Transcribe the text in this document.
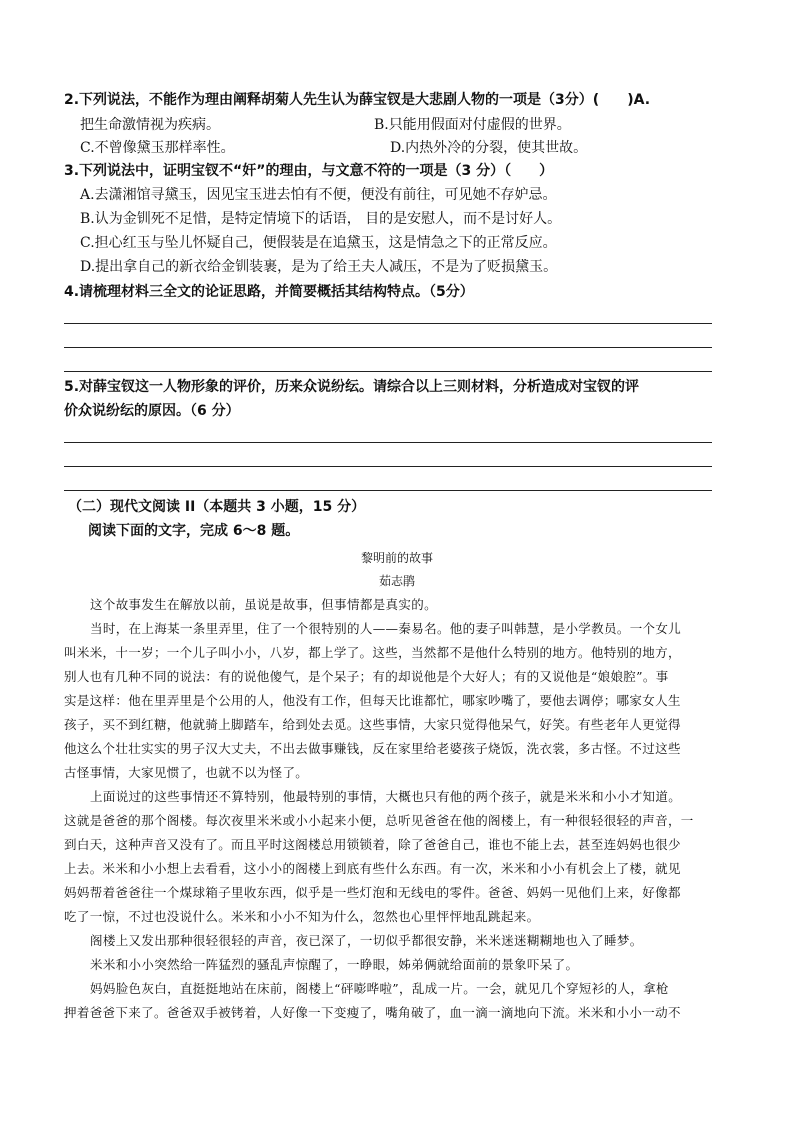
2.下列说法，不能作为理由阐释胡菊人先生认为薛宝钗是大悲剧人物的一项是（3分）(　　)A.
把生命激情视为疾病。	B.只能用假面对付虚假的世界。
C.不曾像黛玉那样率性。	D.内热外冷的分裂，使其世故。
3.下列说法中，证明宝钗不“奸”的理由，与文意不符的一项是（3 分）（　　）
A.去潇湘馆寻黛玉，因见宝玉进去怕有不便，便没有前往，可见她不存妒忌。
B.认为金钏死不足惜，是特定情境下的话语， 目的是安慰人，而不是讨好人。
C.担心红玉与坠儿怀疑自己，便假装是在追黛玉，这是情急之下的正常反应。
D.提出拿自己的新衣给金钏装裹，是为了给王夫人减压，不是为了贬损黛玉。
4.请梳理材料三全文的论证思路，并简要概括其结构特点。（5分）
5.对薛宝钗这一人物形象的评价，历来众说纷纭。请综合以上三则材料，分析造成对宝钗的评
价众说纷纭的原因。（6 分）
（二）现代文阅读 II（本题共 3 小题，15 分）
阅读下面的文字，完成 6～8 题。
黎明前的故事
茹志鹃
这个故事发生在解放以前，虽说是故事，但事情都是真实的。
当时，在上海某一条里弄里，住了一个很特别的人——秦易名。他的妻子叫韩慧，是小学教员。一个女儿
叫米米，十一岁；一个儿子叫小小，八岁，都上学了。这些，当然都不是他什么特别的地方。他特别的地方，
别人也有几种不同的说法：有的说他傻气，是个呆子；有的却说他是个大好人；有的又说他是“娘娘腔”。事
实是这样：他在里弄里是个公用的人，他没有工作，但每天比谁都忙，哪家吵嘴了，要他去调停；哪家女人生
孩子，买不到红糖，他就骑上脚踏车，给到处去觅。这些事情，大家只觉得他呆气，好笑。有些老年人更觉得
他这么个壮壮实实的男子汉大丈夫，不出去做事赚钱，反在家里给老婆孩子烧饭，洗衣裳，多古怪。不过这些
古怪事情，大家见惯了，也就不以为怪了。
上面说过的这些事情还不算特别，他最特别的事情，大概也只有他的两个孩子，就是米米和小小才知道。
这就是爸爸的那个阁楼。每次夜里米米或小小起来小便，总听见爸爸在他的阁楼上，有一种很轻很轻的声音，一
到白天，这种声音又没有了。而且平时这阁楼总用锁锁着，除了爸爸自己，谁也不能上去，甚至连妈妈也很少
上去。米米和小小想上去看看，这小小的阁楼上到底有些什么东西。有一次，米米和小小有机会上了楼，就见
妈妈帮着爸爸往一个煤球箱子里收东西，似乎是一些灯泡和无线电的零件。爸爸、妈妈一见他们上来，好像都
吃了一惊，不过也没说什么。米米和小小不知为什么，忽然也心里怦怦地乱跳起来。
阁楼上又发出那种很轻很轻的声音，夜已深了，一切似乎都很安静，米米迷迷糊糊地也入了睡梦。
米米和小小突然给一阵猛烈的骚乱声惊醒了，一睁眼，姊弟俩就给面前的景象吓呆了。
妈妈脸色灰白，直挺挺地站在床前，阁楼上“砰嘭哗啦”，乱成一片。一会，就见几个穿短衫的人，拿枪
押着爸爸下来了。爸爸双手被铐着，人好像一下变瘦了，嘴角破了，血一滴一滴地向下流。米米和小小一动不
